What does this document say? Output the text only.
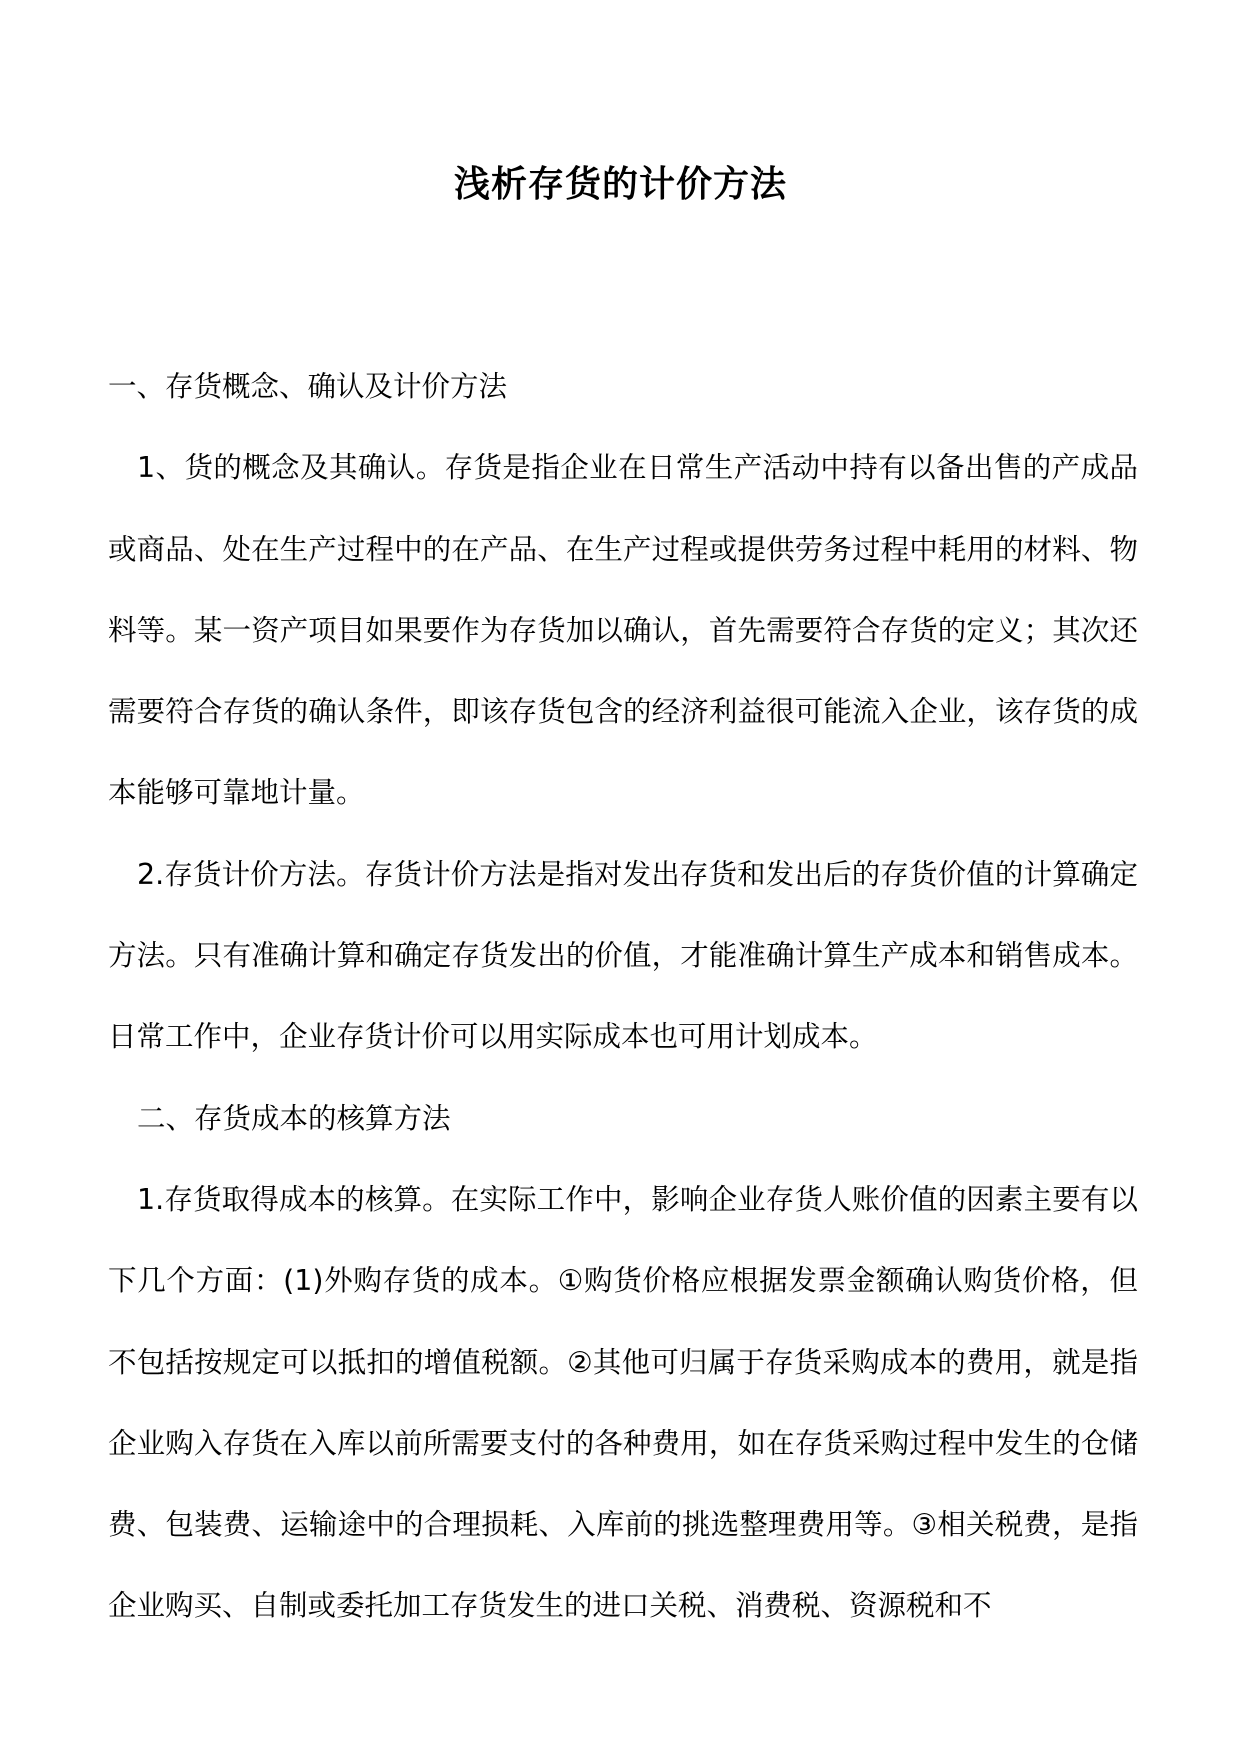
浅析存货的计价方法

一、存货概念、确认及计价方法

1、货的概念及其确认。存货是指企业在日常生产活动中持有以备出售的产成品或商品、处在生产过程中的在产品、在生产过程或提供劳务过程中耗用的材料、物料等。某一资产项目如果要作为存货加以确认，首先需要符合存货的定义；其次还需要符合存货的确认条件，即该存货包含的经济利益很可能流入企业，该存货的成本能够可靠地计量。

2.存货计价方法。存货计价方法是指对发出存货和发出后的存货价值的计算确定方法。只有准确计算和确定存货发出的价值，才能准确计算生产成本和销售成本。日常工作中，企业存货计价可以用实际成本也可用计划成本。

二、存货成本的核算方法

1.存货取得成本的核算。在实际工作中，影响企业存货人账价值的因素主要有以下几个方面：(1)外购存货的成本。①购货价格应根据发票金额确认购货价格，但不包括按规定可以抵扣的增值税额。②其他可归属于存货采购成本的费用，就是指企业购入存货在入库以前所需要支付的各种费用，如在存货采购过程中发生的仓储费、包装费、运输途中的合理损耗、入库前的挑选整理费用等。③相关税费，是指企业购买、自制或委托加工存货发生的进口关税、消费税、资源税和不
